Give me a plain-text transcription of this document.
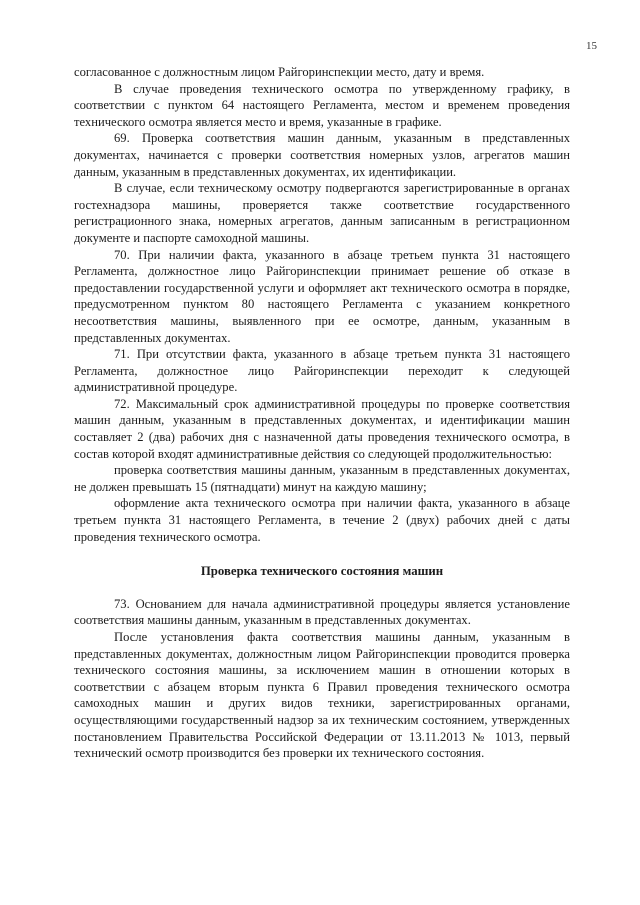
15

согласованное с должностным лицом Райгоринспекции место, дату и время.

В случае проведения технического осмотра по утвержденному графику, в соответствии с пунктом 64 настоящего Регламента, местом и временем проведения технического осмотра является место и время, указанные в графике.

69. Проверка соответствия машин данным, указанным в представленных документах, начинается с проверки соответствия номерных узлов, агрегатов машин данным, указанным в представленных документах, их идентификации.

В случае, если техническому осмотру подвергаются зарегистрированные в органах гостехнадзора машины, проверяется также соответствие государственного регистрационного знака, номерных агрегатов, данным записанным в регистрационном документе и паспорте самоходной машины.

70. При наличии факта, указанного в абзаце третьем пункта 31 настоящего Регламента, должностное лицо Райгоринспекции принимает решение об отказе в предоставлении государственной услуги и оформляет акт технического осмотра в порядке, предусмотренном пунктом 80 настоящего Регламента с указанием конкретного несоответствия машины, выявленного при ее осмотре, данным, указанным в представленных документах.

71. При отсутствии факта, указанного в абзаце третьем пункта 31 настоящего Регламента, должностное лицо Райгоринспекции переходит к следующей административной процедуре.

72. Максимальный срок административной процедуры по проверке соответствия машин данным, указанным в представленных документах, и идентификации машин составляет 2 (два) рабочих дня с назначенной даты проведения технического осмотра, в состав которой входят административные действия со следующей продолжительностью:

проверка соответствия машины данным, указанным в представленных документах, не должен превышать 15 (пятнадцати) минут на каждую машину;

оформление акта технического осмотра при наличии факта, указанного в абзаце третьем пункта 31 настоящего Регламента, в течение 2 (двух) рабочих дней с даты проведения технического осмотра.

Проверка технического состояния машин

73. Основанием для начала административной процедуры является установление соответствия машины данным, указанным в представленных документах.

После установления факта соответствия машины данным, указанным в представленных документах, должностным лицом Райгоринспекции проводится проверка технического состояния машины, за исключением машин в отношении которых в соответствии с абзацем вторым пункта 6 Правил проведения технического осмотра самоходных машин и других видов техники, зарегистрированных органами, осуществляющими государственный надзор за их техническим состоянием, утвержденных постановлением Правительства Российской Федерации от 13.11.2013 № 1013, первый технический осмотр производится без проверки их технического состояния.
